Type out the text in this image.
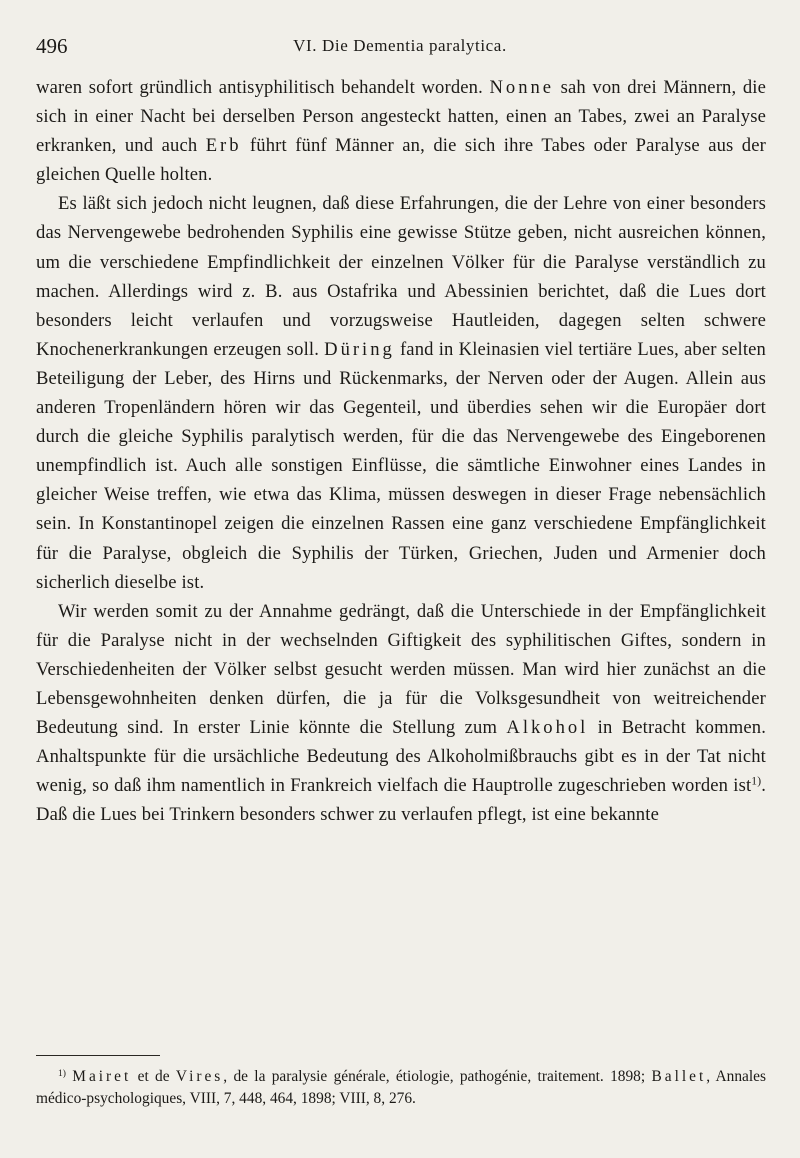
496	VI. Die Dementia paralytica.

waren sofort gründlich antisyphilitisch behandelt worden. Nonne sah von drei Männern, die sich in einer Nacht bei derselben Person angesteckt hatten, einen an Tabes, zwei an Paralyse erkranken, und auch Erb führt fünf Männer an, die sich ihre Tabes oder Paralyse aus der gleichen Quelle holten.

Es läßt sich jedoch nicht leugnen, daß diese Erfahrungen, die der Lehre von einer besonders das Nervengewebe bedrohenden Syphilis eine gewisse Stütze geben, nicht ausreichen können, um die verschiedene Empfindlichkeit der einzelnen Völker für die Paralyse verständlich zu machen. Allerdings wird z. B. aus Ostafrika und Abessinien berichtet, daß die Lues dort besonders leicht verlaufen und vorzugsweise Hautleiden, dagegen selten schwere Knochenerkrankungen erzeugen soll. Düring fand in Kleinasien viel tertiäre Lues, aber selten Beteiligung der Leber, des Hirns und Rückenmarks, der Nerven oder der Augen. Allein aus anderen Tropenländern hören wir das Gegenteil, und überdies sehen wir die Europäer dort durch die gleiche Syphilis paralytisch werden, für die das Nervengewebe des Eingeborenen unempfindlich ist. Auch alle sonstigen Einflüsse, die sämtliche Einwohner eines Landes in gleicher Weise treffen, wie etwa das Klima, müssen deswegen in dieser Frage nebensächlich sein. In Konstantinopel zeigen die einzelnen Rassen eine ganz verschiedene Empfänglichkeit für die Paralyse, obgleich die Syphilis der Türken, Griechen, Juden und Armenier doch sicherlich dieselbe ist.

Wir werden somit zu der Annahme gedrängt, daß die Unterschiede in der Empfänglichkeit für die Paralyse nicht in der wechselnden Giftigkeit des syphilitischen Giftes, sondern in Verschiedenheiten der Völker selbst gesucht werden müssen. Man wird hier zunächst an die Lebensgewohnheiten denken dürfen, die ja für die Volksgesundheit von weitreichender Bedeutung sind. In erster Linie könnte die Stellung zum Alkohol in Betracht kommen. Anhaltspunkte für die ursächliche Bedeutung des Alkoholmißbrauchs gibt es in der Tat nicht wenig, so daß ihm namentlich in Frankreich vielfach die Hauptrolle zugeschrieben worden ist$^{1)}$. Daß die Lues bei Trinkern besonders schwer zu verlaufen pflegt, ist eine bekannte

$^{1)}$ Mairet et de Vires, de la paralysie générale, étiologie, pathogénie, traitement. 1898; Ballet, Annales médico-psychologiques, VIII, 7, 448, 464, 1898; VIII, 8, 276.
